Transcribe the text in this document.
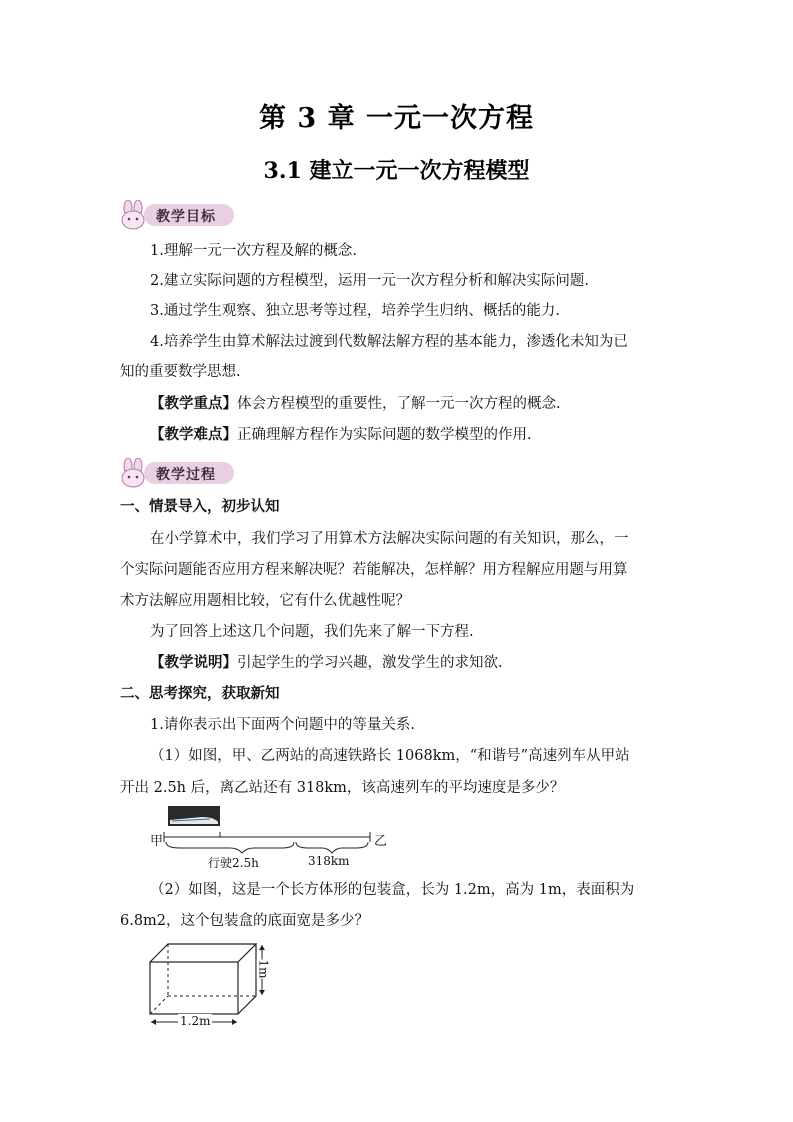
第 3 章 一元一次方程
3.1 建立一元一次方程模型
教学目标
1.理解一元一次方程及解的概念.
2.建立实际问题的方程模型，运用一元一次方程分析和解决实际问题.
3.通过学生观察、独立思考等过程，培养学生归纳、概括的能力.
4.培养学生由算术解法过渡到代数解法解方程的基本能力，渗透化未知为已
知的重要数学思想.
【教学重点】体会方程模型的重要性，了解一元一次方程的概念.
【教学难点】正确理解方程作为实际问题的数学模型的作用.
教学过程
一、情景导入，初步认知
在小学算术中，我们学习了用算术方法解决实际问题的有关知识，那么，一
个实际问题能否应用方程来解决呢？若能解决，怎样解？用方程解应用题与用算
术方法解应用题相比较，它有什么优越性呢？
为了回答上述这几个问题，我们先来了解一下方程.
【教学说明】引起学生的学习兴趣，激发学生的求知欲.
二、思考探究，获取新知
1.请你表示出下面两个问题中的等量关系.
（1）如图，甲、乙两站的高速铁路长 1068km，“和谐号”高速列车从甲站
开出 2.5h 后，离乙站还有 318km，该高速列车的平均速度是多少？
甲	乙
行驶2.5h	318km
（2）如图，这是一个长方体形的包装盒，长为 1.2m，高为 1m，表面积为
6.8m2，这个包装盒的底面宽是多少？
1.2m
1m
